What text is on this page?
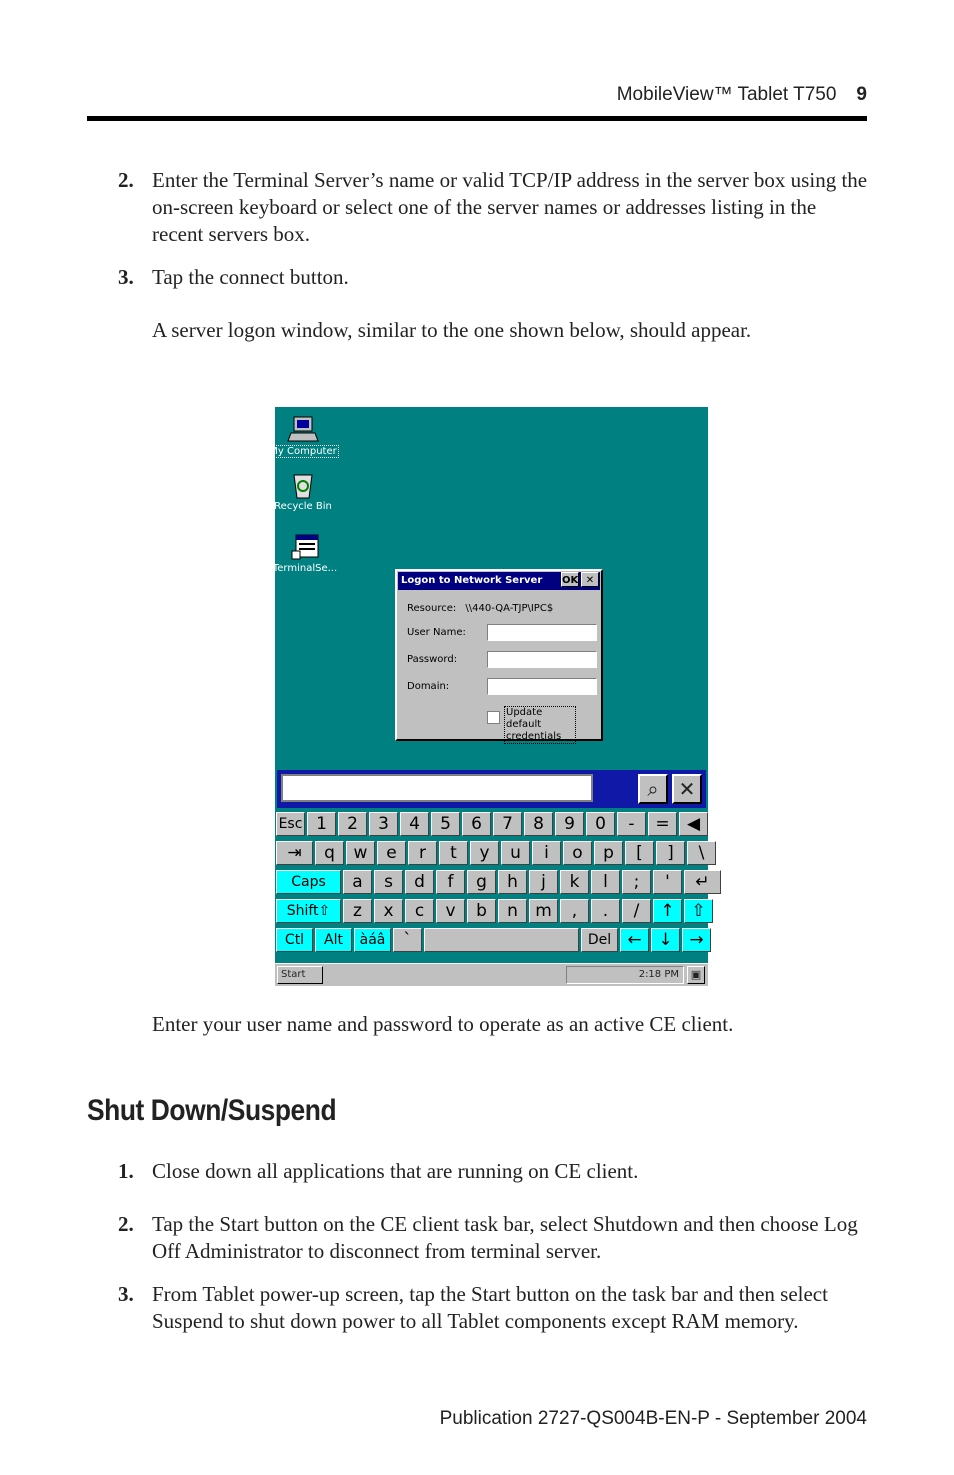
MobileView™ Tablet T750 9
2. Enter the Terminal Server’s name or valid TCP/IP address in the server box using the on-screen keyboard or select one of the server names or addresses listing in the recent servers box.
3. Tap the connect button.
A server logon window, similar to the one shown below, should appear.
My Computer
Recycle Bin
TerminalSe...
Logon to Network Server	OK ✕
Resource: \\440-QA-TJP\IPC$
User Name:
Password:
Domain:
Update default credentials
⌕	✕
Esc 1	2	3	4	5	6	7	8	9	0	-	=	◀
⇥	q	w	e	r	t	y	u	i	o	p	[	]	\
Caps	a	s	d	f	g	h	j	k	l	;	'	↵
Shift⇧	z	x	c	v	b	n	m	,	.	/	↑ ⇧
Ctl	Alt	àáâ	`	Del ← ↓ →
Start	2:18 PM	▣
Enter your user name and password to operate as an active CE client.
Shut Down/Suspend
1. Close down all applications that are running on CE client.
2. Tap the Start button on the CE client task bar, select Shutdown and then choose Log Off Administrator to disconnect from terminal server.
3. From Tablet power-up screen, tap the Start button on the task bar and then select Suspend to shut down power to all Tablet components except RAM memory.
Publication 2727-QS004B-EN-P - September 2004
